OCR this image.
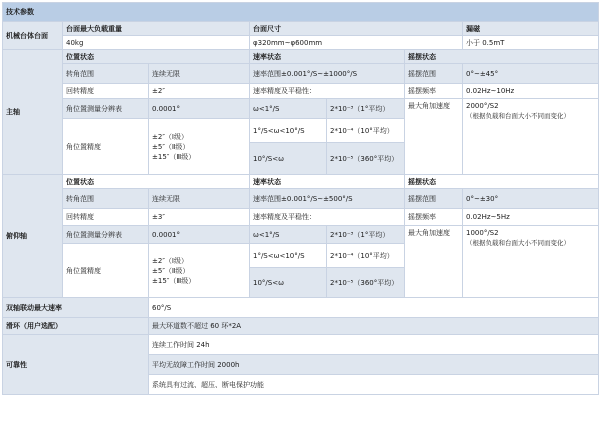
技术参数						
机械台体台面	台面最大负载重量		台面尺寸			漏磁
	40kg		φ320mm~φ600mm			小于 0.5mT
主轴	位置状态		速率状态		摇摆状态	
	转角范围	连续无限	速率范围±0.001°/S~±1000°/S		摇摆范围	0°~±45°
	回转精度	±2″	速率精度及平稳性：		摇摆频率	0.02Hz~10Hz
	角位置测量分辨表	0.0001°	ω<1°/S	2*10⁻³（1°平均）	最大角加速度	2000°/S2
（根据负载和台面大小不同而变化）

	角位置精度	±2″（Ⅰ级）
±5″（Ⅱ级）
±15″（Ⅲ级）	1°/S<ω<10°/S	2*10⁻⁴（10°平均）		
			10°/S<ω	2*10⁻⁵（360°平均）		

俯仰轴	位置状态		速率状态		摇摆状态	
	转角范围	连续无限	速率范围±0.001°/S~±500°/S		摇摆范围	0°~±30°
	回转精度	±3″	速率精度及平稳性：		摇摆频率	0.02Hz~5Hz
	角位置测量分辨表	0.0001°	ω<1°/S	2*10⁻³（1°平均）	最大角加速度	1000°/S2
（根据负载和台面大小不同而变化）

	角位置精度	±2″（Ⅰ级）
±5″（Ⅱ级）
±15″（Ⅲ级）	1°/S<ω<10°/S	2*10⁻⁴（10°平均）		
			10°/S<ω	2*10⁻⁵（360°平均）		

双轴联动最大速率		60°/S				
滑环（用户选配）		最大环道数不超过 60 环*2A				
可靠性		连续工作时间 24h				
		平均无故障工作时间 2000h				
		系统具有过流、超压、断电保护功能				
